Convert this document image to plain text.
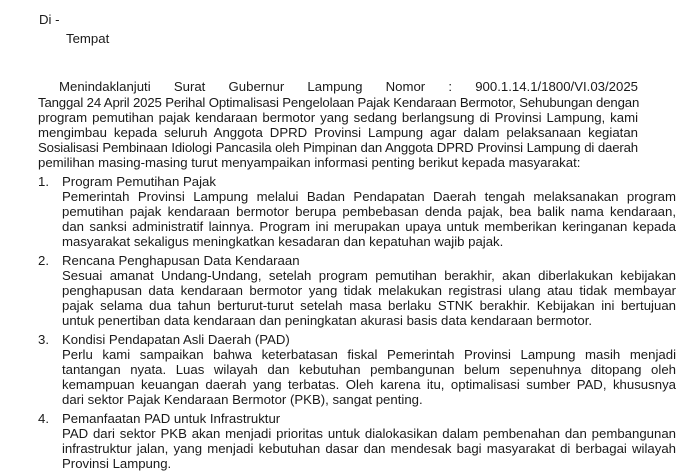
Di -
Tempat
Menindaklanjuti Surat Gubernur Lampung Nomor : 900.1.14.1/1800/VI.03/2025
Tanggal 24 April 2025 Perihal Optimalisasi Pengelolaan Pajak Kendaraan Bermotor, Sehubungan dengan
program pemutihan pajak kendaraan bermotor yang sedang berlangsung di Provinsi Lampung, kami
mengimbau kepada seluruh Anggota DPRD Provinsi Lampung agar dalam pelaksanaan kegiatan
Sosialisasi Pembinaan Idiologi Pancasila oleh Pimpinan dan Anggota DPRD Provinsi Lampung di daerah
pemilihan masing-masing turut menyampaikan informasi penting berikut kepada masyarakat:
1. Program Pemutihan Pajak
Pemerintah Provinsi Lampung melalui Badan Pendapatan Daerah tengah melaksanakan program
pemutihan pajak kendaraan bermotor berupa pembebasan denda pajak, bea balik nama kendaraan,
dan sanksi administratif lainnya. Program ini merupakan upaya untuk memberikan keringanan kepada
masyarakat sekaligus meningkatkan kesadaran dan kepatuhan wajib pajak.
2. Rencana Penghapusan Data Kendaraan
Sesuai amanat Undang-Undang, setelah program pemutihan berakhir, akan diberlakukan kebijakan
penghapusan data kendaraan bermotor yang tidak melakukan registrasi ulang atau tidak membayar
pajak selama dua tahun berturut-turut setelah masa berlaku STNK berakhir. Kebijakan ini bertujuan
untuk penertiban data kendaraan dan peningkatan akurasi basis data kendaraan bermotor.
3. Kondisi Pendapatan Asli Daerah (PAD)
Perlu kami sampaikan bahwa keterbatasan fiskal Pemerintah Provinsi Lampung masih menjadi
tantangan nyata. Luas wilayah dan kebutuhan pembangunan belum sepenuhnya ditopang oleh
kemampuan keuangan daerah yang terbatas. Oleh karena itu, optimalisasi sumber PAD, khususnya
dari sektor Pajak Kendaraan Bermotor (PKB), sangat penting.
4. Pemanfaatan PAD untuk Infrastruktur
PAD dari sektor PKB akan menjadi prioritas untuk dialokasikan dalam pembenahan dan pembangunan
infrastruktur jalan, yang menjadi kebutuhan dasar dan mendesak bagi masyarakat di berbagai wilayah
Provinsi Lampung.
